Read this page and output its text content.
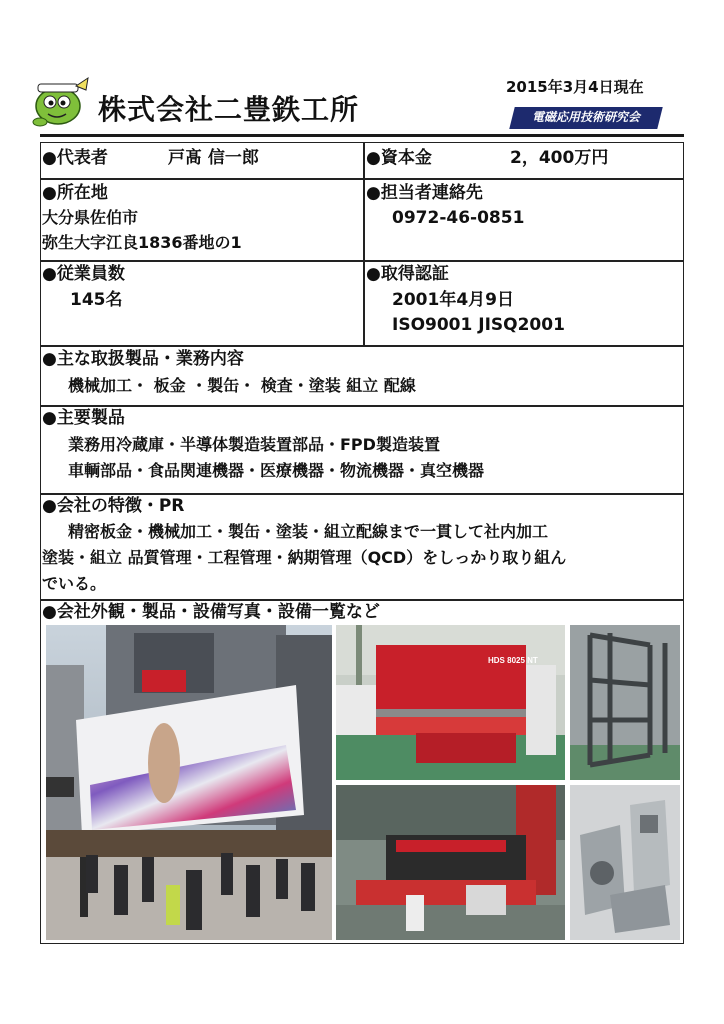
株式会社二豊鉄工所
2015年3月4日現在
電磁応用技術研究会
●代表者	戸髙 信一郎	●資本金	2，400万円
●所在地
大分県佐伯市
弥生大字江良1836番地の1
●担当者連絡先
0972-46-0851
●従業員数
145名
●取得認証
2001年4月9日
ISO9001 JISQ2001
●主な取扱製品・業務内容
機械加工・ 板金 ・製缶・ 検査・塗装 組立 配線
●主要製品
業務用冷蔵庫・半導体製造装置部品・FPD製造装置
車輌部品・食品関連機器・医療機器・物流機器・真空機器
●会社の特徴・PR
精密板金・機械加工・製缶・塗装・組立配線まで一貫して社内加工
塗装・組立 品質管理・工程管理・納期管理（QCD）をしっかり取り組ん
でいる。
●会社外観・製品・設備写真・設備一覧など
HDS 8025 NT
